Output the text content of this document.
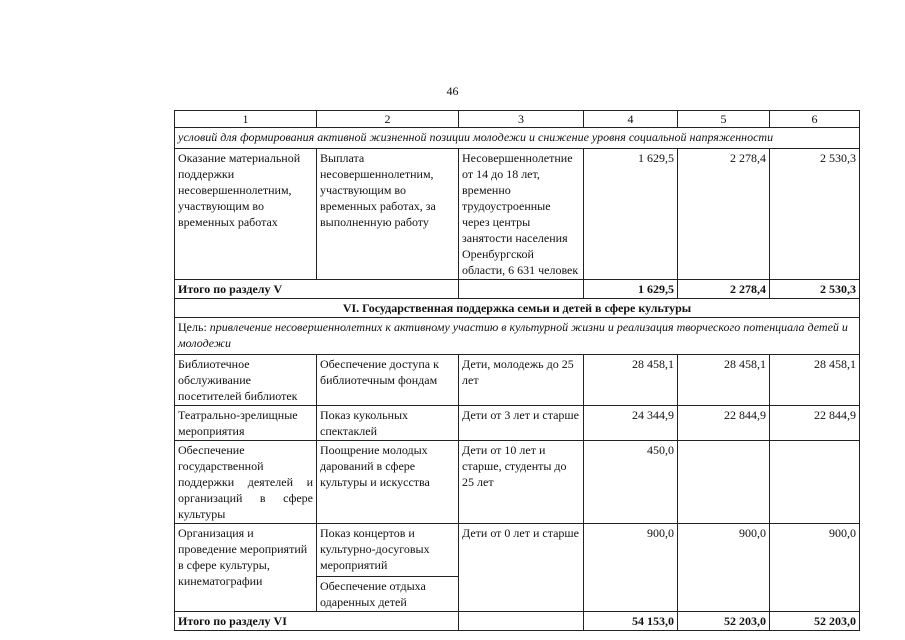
46
1	2	3	4	5	6
условий для формирования активной жизненной позиции молодежи и снижение уровня социальной напряженности					
Оказание материальной поддержки несовершеннолетним, участвующим во временных работах	Выплата несовершеннолетним, участвующим во временных работах, за выполненную работу	Несовершеннолетние от 14 до 18 лет, временно трудоустроенные через центры занятости населения Оренбургской области, 6 631 человек	1 629,5	2 278,4	2 530,3
Итого по разделу V			1 629,5	2 278,4	2 530,3
VI. Государственная поддержка семьи и детей в сфере культуры					
Цель: привлечение несовершеннолетних к активному участию в культурной жизни и реализация творческого потенциала детей и молодежи					
Библиотечное обслуживание посетителей библиотек	Обеспечение доступа к библиотечным фондам	Дети, молодежь до 25 лет	28 458,1	28 458,1	28 458,1
Театрально-зрелищные мероприятия	Показ кукольных спектаклей	Дети от 3 лет и старше	24 344,9	22 844,9	22 844,9
Обеспечение государственной поддержки деятелей и организаций в сфере культуры	Поощрение молодых дарований в сфере культуры и искусства	Дети от 10 лет и старше, студенты до 25 лет	450,0		
Организация и проведение мероприятий в сфере культуры, кинематографии	Показ концертов и культурно-досуговых мероприятий	Дети от 0 лет и старше	900,0	900,0	900,0
	Обеспечение отдыха одаренных детей				
Итого по разделу VI			54 153,0	52 203,0	52 203,0
